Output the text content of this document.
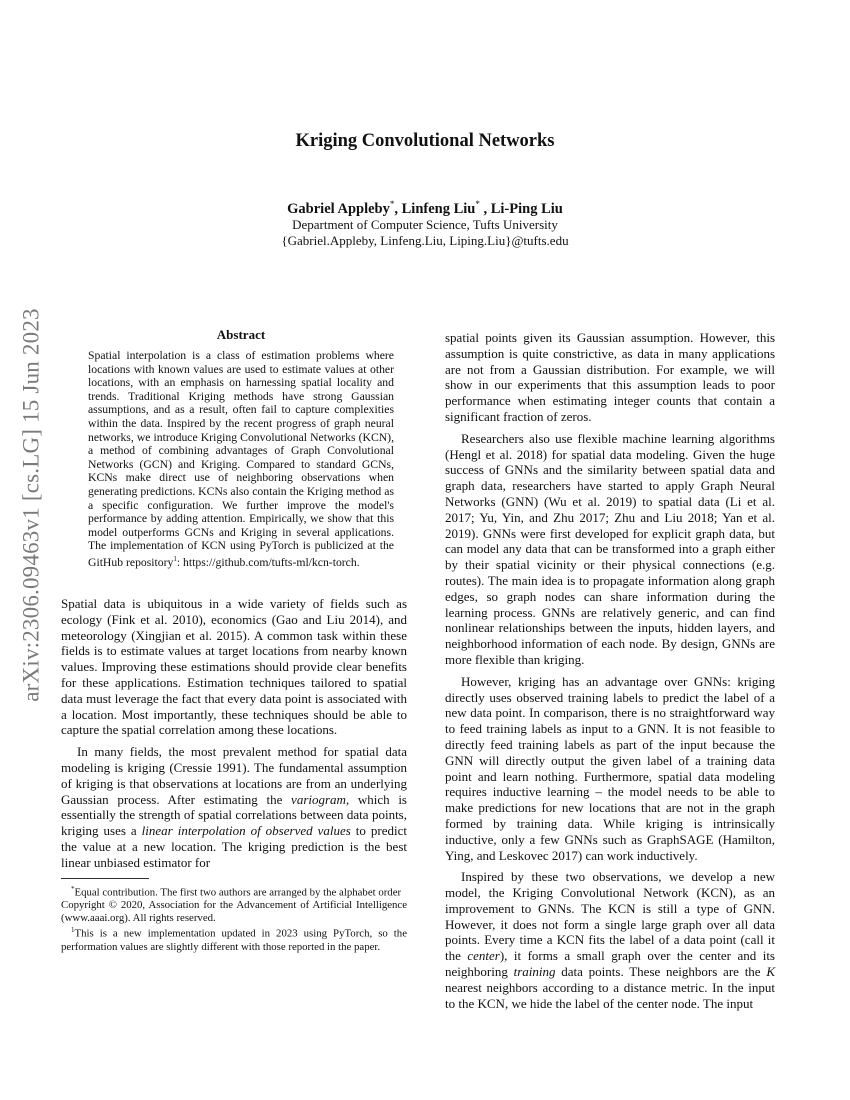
arXiv:2306.09463v1 [cs.LG] 15 Jun 2023
Kriging Convolutional Networks
Gabriel Appleby*, Linfeng Liu* , Li-Ping Liu
Department of Computer Science, Tufts University
{Gabriel.Appleby, Linfeng.Liu, Liping.Liu}@tufts.edu
Abstract

Spatial interpolation is a class of estimation problems where locations with known values are used to estimate values at other locations, with an emphasis on harnessing spatial locality and trends. Traditional Kriging methods have strong Gaussian assumptions, and as a result, often fail to capture complexities within the data. Inspired by the recent progress of graph neural networks, we introduce Kriging Convolutional Networks (KCN), a method of combining advantages of Graph Convolutional Networks (GCN) and Kriging. Compared to standard GCNs, KCNs make direct use of neighboring observations when generating predictions. KCNs also contain the Kriging method as a specific configuration. We further improve the model's performance by adding attention. Empirically, we show that this model outperforms GCNs and Kriging in several applications. The implementation of KCN using PyTorch is publicized at the GitHub repository$^1$: https://github.com/tufts-ml/kcn-torch.

Spatial data is ubiquitous in a wide variety of fields such as ecology (Fink et al. 2010), economics (Gao and Liu 2014), and meteorology (Xingjian et al. 2015). A common task within these fields is to estimate values at target locations from nearby known values. Improving these estimations should provide clear benefits for these applications. Estimation techniques tailored to spatial data must leverage the fact that every data point is associated with a location. Most importantly, these techniques should be able to capture the spatial correlation among these locations.

In many fields, the most prevalent method for spatial data modeling is kriging (Cressie 1991). The fundamental assumption of kriging is that observations at locations are from an underlying Gaussian process. After estimating the variogram, which is essentially the strength of spatial correlations between data points, kriging uses a linear interpolation of observed values to predict the value at a new location. The kriging prediction is the best linear unbiased estimator for

*Equal contribution. The first two authors are arranged by the alphabet order

Copyright © 2020, Association for the Advancement of Artificial Intelligence (www.aaai.org). All rights reserved.

$^1$This is a new implementation updated in 2023 using PyTorch, so the performation values are slightly different with those reported in the paper.

spatial points given its Gaussian assumption. However, this assumption is quite constrictive, as data in many applications are not from a Gaussian distribution. For example, we will show in our experiments that this assumption leads to poor performance when estimating integer counts that contain a significant fraction of zeros.

Researchers also use flexible machine learning algorithms (Hengl et al. 2018) for spatial data modeling. Given the huge success of GNNs and the similarity between spatial data and graph data, researchers have started to apply Graph Neural Networks (GNN) (Wu et al. 2019) to spatial data (Li et al. 2017; Yu, Yin, and Zhu 2017; Zhu and Liu 2018; Yan et al. 2019). GNNs were first developed for explicit graph data, but can model any data that can be transformed into a graph either by their spatial vicinity or their physical connections (e.g. routes). The main idea is to propagate information along graph edges, so graph nodes can share information during the learning process. GNNs are relatively generic, and can find nonlinear relationships between the inputs, hidden layers, and neighborhood information of each node. By design, GNNs are more flexible than kriging.

However, kriging has an advantage over GNNs: kriging directly uses observed training labels to predict the label of a new data point. In comparison, there is no straightforward way to feed training labels as input to a GNN. It is not feasible to directly feed training labels as part of the input because the GNN will directly output the given label of a training data point and learn nothing. Furthermore, spatial data modeling requires inductive learning – the model needs to be able to make predictions for new locations that are not in the graph formed by training data. While kriging is intrinsically inductive, only a few GNNs such as GraphSAGE (Hamilton, Ying, and Leskovec 2017) can work inductively.

Inspired by these two observations, we develop a new model, the Kriging Convolutional Network (KCN), as an improvement to GNNs. The KCN is still a type of GNN. However, it does not form a single large graph over all data points. Every time a KCN fits the label of a data point (call it the center), it forms a small graph over the center and its neighboring training data points. These neighbors are the K nearest neighbors according to a distance metric. In the input to the KCN, we hide the label of the center node. The input
